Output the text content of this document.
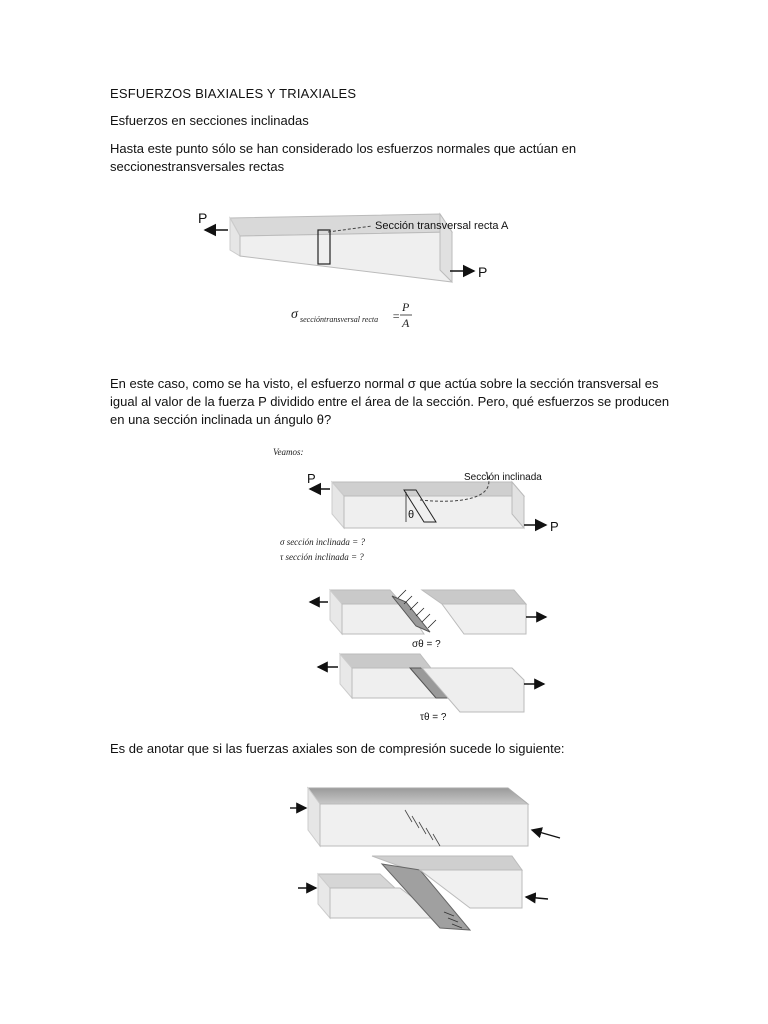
ESFUERZOS BIAXIALES Y TRIAXIALES

Esfuerzos en secciones inclinadas

Hasta este punto sólo se han considerado los esfuerzos normales que actúan en seccionestransversales rectas

En este caso, como se ha visto, el esfuerzo normal σ que actúa sobre la sección transversal es igual al valor de la fuerza P dividido entre el área de la sección. Pero, qué esfuerzos se producen en una sección inclinada un ángulo θ?

Es de anotar que si las fuerzas axiales son de compresión sucede lo siguiente:

P
P
Sección transversal recta A
σ seccióntransversal recta =
P
A
Veamos:
θ
Sección inclinada
P
P
σ sección inclinada = ?
τ sección inclinada = ?
σθ = ?
τθ = ?
